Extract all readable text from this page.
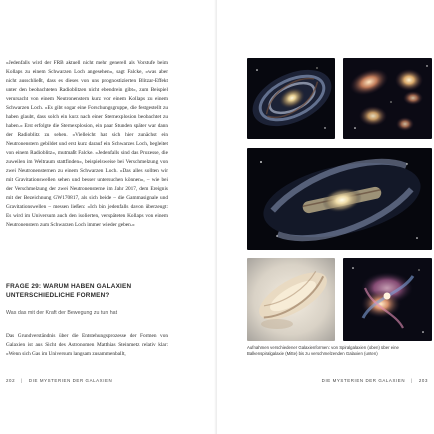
»Jedenfalls wird der FRB aktuell nicht mehr generell als Vorstufe beim Kollaps zu einem Schwarzen Loch angesehen«, sagt Falcke, »was aber nicht ausschließt, dass es dieses von uns prognostizierten Blitzar-Effekt unter den beobachteten Radioblitzen nicht ebendrein gibt«, zum Beispiel verursacht von einem Neutronenstern kurz vor einem Kollaps zu einem Schwarzen Loch. »Es gibt sogar eine Forschungsgruppe, die festgestellt zu haben glaubt, dass solch ein kurz nach einer Sternexplosion beobachtet zu haben.« Erst erfolgte die Sternexplosion, ein paar Stunden später war dann der Radioblitz zu sehen. »Vielleicht hat sich hier zunächst ein Neutronenstern gebildet und erst kurz darauf ein Schwarzes Loch, begleitet von einem Radioblitz«, mutmaßt Falcke. »Jedenfalls sind das Prozesse, die zuweilen im Weltraum stattfinden«, beispielsweise bei Verschmelzung von zwei Neutronensternen zu einem Schwarzen Loch. »Das alles sollten wir mit Gravitationswellen sehen und besser untersuchen können«, – wie bei der Verschmelzung der zwei Neutronensterne im Jahr 2017, dem Ereignis mit der Bezeichnung GW170817, als sich beide – die Gammasignale und Gravitationswellen – messen ließen: »Ich bin jedenfalls davon überzeugt: Es wird im Universum auch den isolierten, verspäteten Kollaps von einem Neutronenstern zum Schwarzen Loch immer wieder geben.«

FRAGE 29: WARUM HABEN GALAXIEN UNTERSCHIEDLICHE FORMEN?
Was das mit der Kraft der Bewegung zu tun hat
Das Grundverständnis über die Entstehungsprozesse der Formen von Galaxien ist aus Sicht des Astronomen Matthias Steinmetz relativ klar: »Wenn sich Gas im Universum langsam zusammenballt,
202 | DIE MYSTERIEN DER GALAXIEN
Aufnahmen verschiedener Galaxienformen: von Spiralgalaxien (oben) über eine Balkenspiralgalaxie (Mitte) bis zu verschmelzenden Galaxien (unten)
DIE MYSTERIEN DER GALAXIEN | 203
